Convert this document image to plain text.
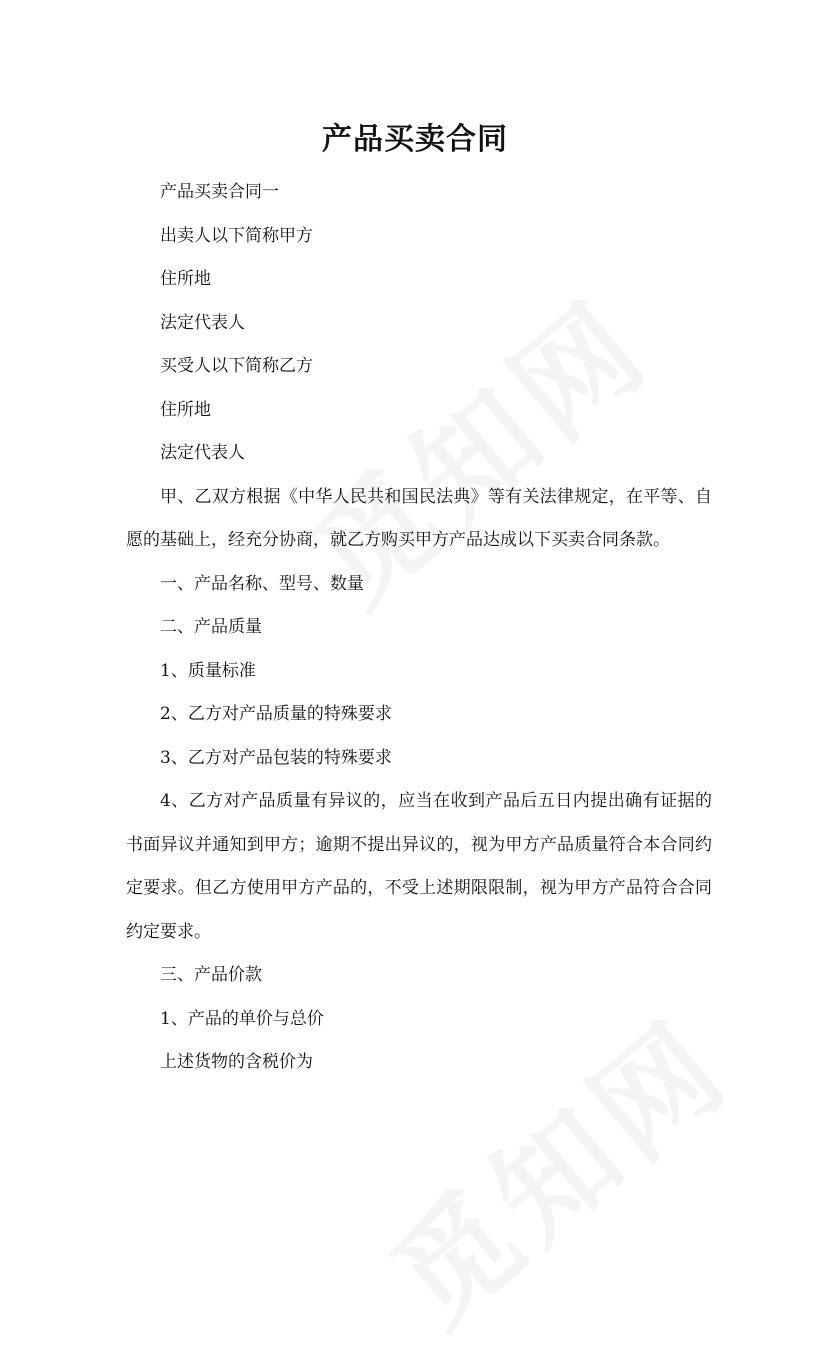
产品买卖合同

产品买卖合同一

出卖人以下简称甲方

住所地

法定代表人

买受人以下简称乙方

住所地

法定代表人

甲、乙双方根据《中华人民共和国民法典》等有关法律规定，在平等、自愿的基础上，经充分协商，就乙方购买甲方产品达成以下买卖合同条款。

一、产品名称、型号、数量

二、产品质量

1、质量标准

2、乙方对产品质量的特殊要求

3、乙方对产品包装的特殊要求

4、乙方对产品质量有异议的，应当在收到产品后五日内提出确有证据的书面异议并通知到甲方；逾期不提出异议的，视为甲方产品质量符合本合同约定要求。但乙方使用甲方产品的，不受上述期限限制，视为甲方产品符合合同约定要求。

三、产品价款

1、产品的单价与总价

上述货物的含税价为
